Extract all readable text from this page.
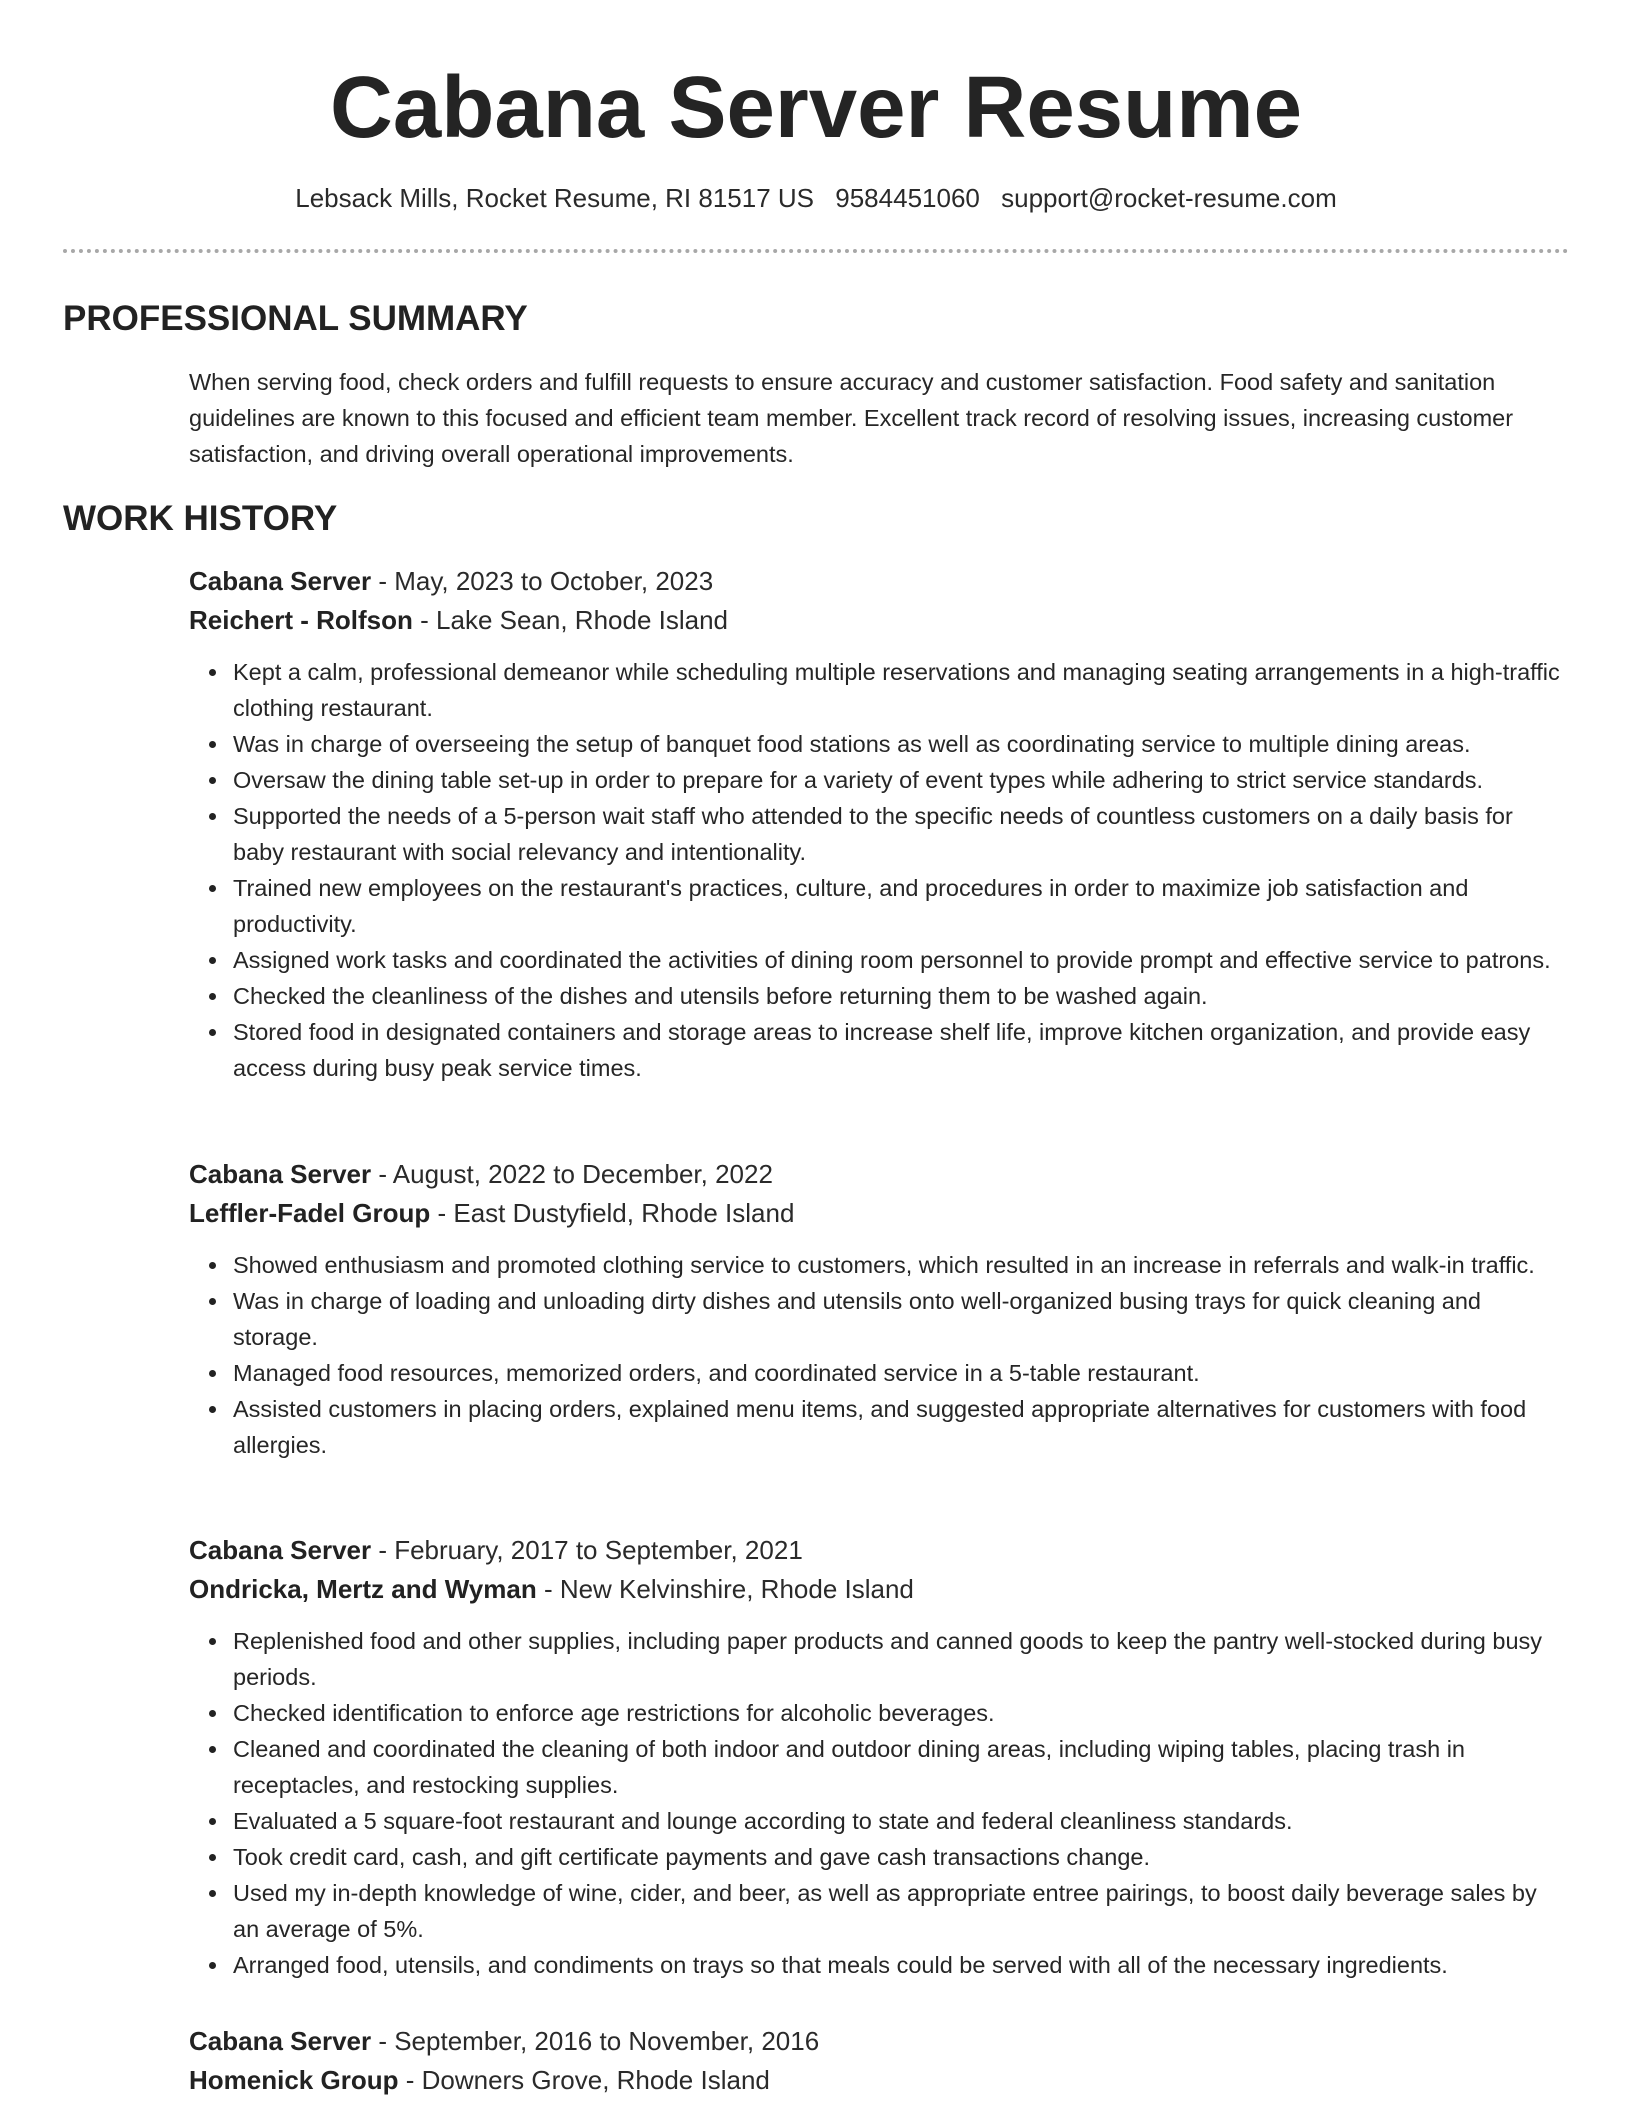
Cabana Server Resume
Lebsack Mills, Rocket Resume, RI 81517 US 9584451060 support@rocket-resume.com
PROFESSIONAL SUMMARY

When serving food, check orders and fulfill requests to ensure accuracy and customer satisfaction. Food safety and sanitation guidelines are known to this focused and efficient team member. Excellent track record of resolving issues, increasing customer satisfaction, and driving overall operational improvements.

WORK HISTORY

Cabana Server - May, 2023 to October, 2023

Reichert - Rolfson - Lake Sean, Rhode Island

Kept a calm, professional demeanor while scheduling multiple reservations and managing seating arrangements in a high-traffic clothing restaurant.
Was in charge of overseeing the setup of banquet food stations as well as coordinating service to multiple dining areas.
Oversaw the dining table set-up in order to prepare for a variety of event types while adhering to strict service standards.
Supported the needs of a 5-person wait staff who attended to the specific needs of countless customers on a daily basis for baby restaurant with social relevancy and intentionality.
Trained new employees on the restaurant's practices, culture, and procedures in order to maximize job satisfaction and productivity.
Assigned work tasks and coordinated the activities of dining room personnel to provide prompt and effective service to patrons.
Checked the cleanliness of the dishes and utensils before returning them to be washed again.
Stored food in designated containers and storage areas to increase shelf life, improve kitchen organization, and provide easy access during busy peak service times.

Cabana Server - August, 2022 to December, 2022

Leffler-Fadel Group - East Dustyfield, Rhode Island

Showed enthusiasm and promoted clothing service to customers, which resulted in an increase in referrals and walk-in traffic.
Was in charge of loading and unloading dirty dishes and utensils onto well-organized busing trays for quick cleaning and storage.
Managed food resources, memorized orders, and coordinated service in a 5-table restaurant.
Assisted customers in placing orders, explained menu items, and suggested appropriate alternatives for customers with food allergies.

Cabana Server - February, 2017 to September, 2021

Ondricka, Mertz and Wyman - New Kelvinshire, Rhode Island

Replenished food and other supplies, including paper products and canned goods to keep the pantry well-stocked during busy periods.
Checked identification to enforce age restrictions for alcoholic beverages.
Cleaned and coordinated the cleaning of both indoor and outdoor dining areas, including wiping tables, placing trash in receptacles, and restocking supplies.
Evaluated a 5 square-foot restaurant and lounge according to state and federal cleanliness standards.
Took credit card, cash, and gift certificate payments and gave cash transactions change.
Used my in-depth knowledge of wine, cider, and beer, as well as appropriate entree pairings, to boost daily beverage sales by an average of 5%.
Arranged food, utensils, and condiments on trays so that meals could be served with all of the necessary ingredients.

Cabana Server - September, 2016 to November, 2016

Homenick Group - Downers Grove, Rhode Island
